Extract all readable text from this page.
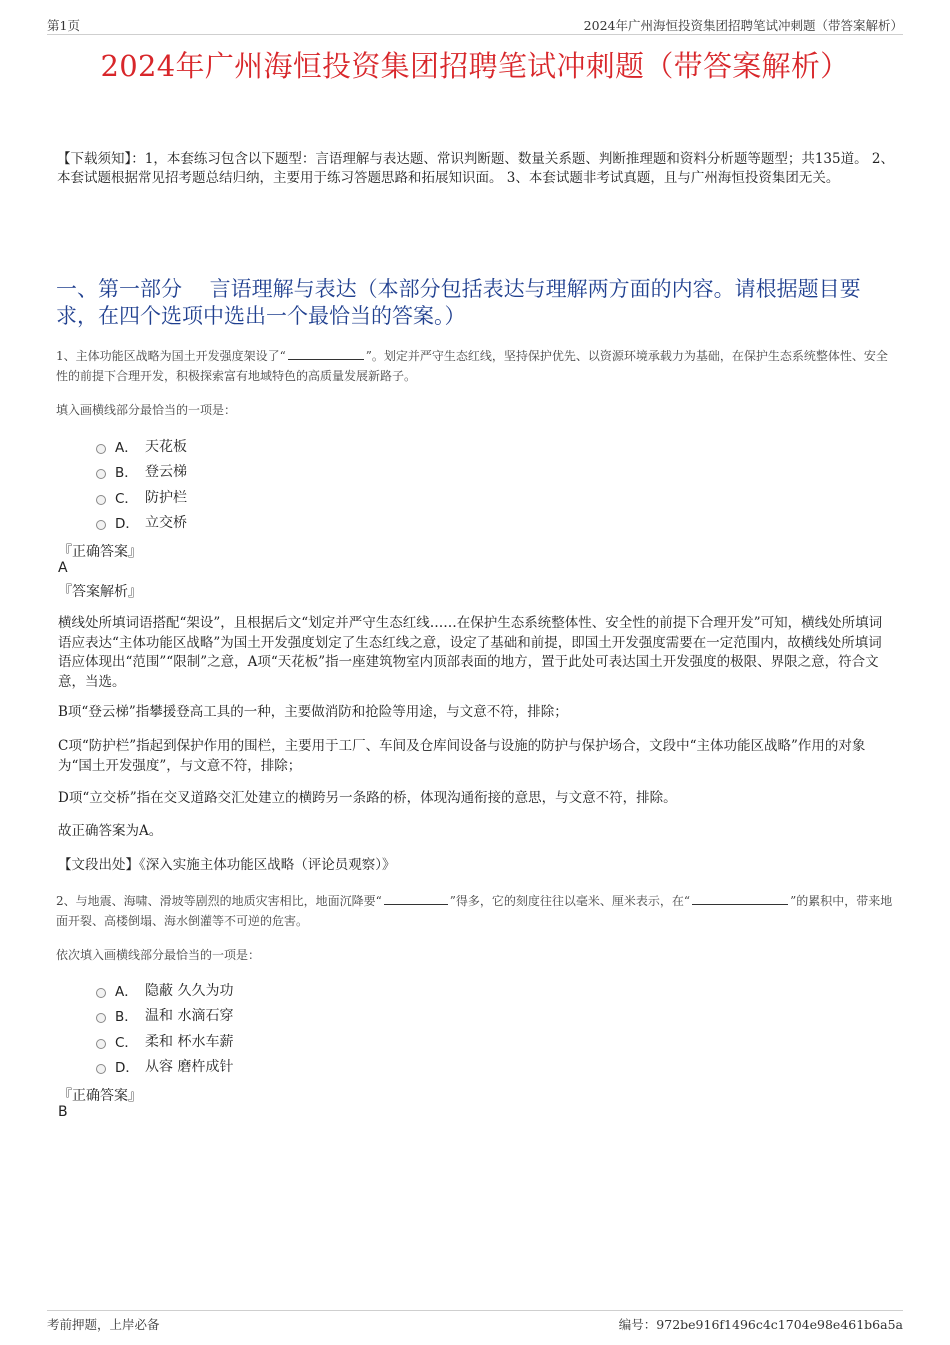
第1页	2024年广州海恒投资集团招聘笔试冲刺题（带答案解析）
2024年广州海恒投资集团招聘笔试冲刺题（带答案解析）
【下载须知】：1，本套练习包含以下题型：言语理解与表达题、常识判断题、数量关系题、判断推理题和资料分析题等题型；共135道。 2、本套试题根据常见招考题总结归纳，主要用于练习答题思路和拓展知识面。 3、本套试题非考试真题，且与广州海恒投资集团无关。
一、第一部分　 言语理解与表达（本部分包括表达与理解两方面的内容。请根据题目要求，在四个选项中选出一个最恰当的答案。）
1、主体功能区战略为国土开发强度架设了“	”。划定并严守生态红线，坚持保护优先、以资源环境承载力为基础，在保护生态系统整体性、安全性的前提下合理开发，积极探索富有地域特色的高质量发展新路子。
填入画横线部分最恰当的一项是：
A． 天花板
B． 登云梯
C． 防护栏
D． 立交桥
『正确答案』
A
『答案解析』
横线处所填词语搭配“架设”，且根据后文“划定并严守生态红线……在保护生态系统整体性、安全性的前提下合理开发”可知，横线处所填词语应表达“主体功能区战略”为国土开发强度划定了生态红线之意，设定了基础和前提，即国土开发强度需要在一定范围内，故横线处所填词语应体现出“范围”“限制”之意，A项“天花板”指一座建筑物室内顶部表面的地方，置于此处可表达国土开发强度的极限、界限之意，符合文意，当选。
B项“登云梯”指攀援登高工具的一种，主要做消防和抢险等用途，与文意不符，排除；
C项“防护栏”指起到保护作用的围栏，主要用于工厂、车间及仓库间设备与设施的防护与保护场合，文段中“主体功能区战略”作用的对象为“国土开发强度”，与文意不符，排除；
D项“立交桥”指在交叉道路交汇处建立的横跨另一条路的桥，体现沟通衔接的意思，与文意不符，排除。
故正确答案为A。
【文段出处】《深入实施主体功能区战略（评论员观察）》
2、与地震、海啸、滑坡等剧烈的地质灾害相比，地面沉降要“	”得多，它的刻度往往以毫米、厘米表示，在“	”的累积中，带来地面开裂、高楼倒塌、海水倒灌等不可逆的危害。
依次填入画横线部分最恰当的一项是：
A． 隐蔽 久久为功
B． 温和 水滴石穿
C． 柔和 杯水车薪
D． 从容 磨杵成针
『正确答案』
B
考前押题，上岸必备	编号：972be916f1496c4c1704e98e461b6a5a
